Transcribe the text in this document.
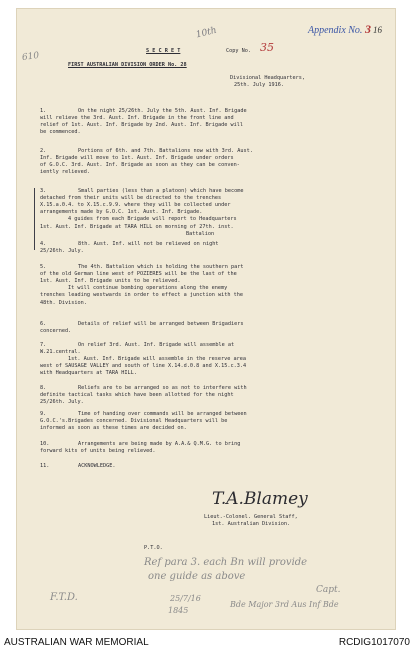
610
10th	Appendix No. 3 16
S E C R E T	Copy No. 35
FIRST AUSTRALIAN DIVISION ORDER No. 28
Divisional Headquarters,
25th. July 1916.
1.	On the night 25/26th. July the 5th. Aust. Inf. Brigade
will relieve the 3rd. Aust. Inf. Brigade in the front line and
relief of 1st. Aust. Inf. Brigade by 2nd. Aust. Inf. Brigade will
be commenced.
2.	Portions of 6th. and 7th. Battalions now with 3rd. Aust.
Inf. Brigade will move to 1st. Aust. Inf. Brigade under orders
of G.O.C. 3rd. Aust. Inf. Brigade as soon as they can be conven-
iently relieved.
3.	Small parties (less than a platoon) which have become
detached from their units will be directed to the trenches
X.15.a.0.4. to X.15.c.9.9. where they will be collected under
arrangements made by G.O.C. 1st. Aust. Inf. Brigade.
4 guides from each Brigade will report to Headquarters
1st. Aust. Inf. Brigade at TARA HILL on morning of 27th. inst.
Battalion
4.	8th. Aust. Inf. will not be relieved on night
25/26th. July.
5.	The 4th. Battalion which is holding the southern part
of the old German line west of POZIERES will be the last of the
1st. Aust. Inf. Brigade units to be relieved.
It will continue bombing operations along the enemy
trenches leading westwards in order to effect a junction with the
48th. Division.
6.	Details of relief will be arranged between Brigadiers
concerned.
7.	On relief 3rd. Aust. Inf. Brigade will assemble at
W.21.central.
1st. Aust. Inf. Brigade will assemble in the reserve area
west of SAUSAGE VALLEY and south of line X.14.d.0.8 and X.15.c.3.4
with Headquarters at TARA HILL.
8.	Reliefs are to be arranged so as not to interfere with
definite tactical tasks which have been allotted for the night
25/26th. July.
9.	Time of handing over commands will be arranged between
G.O.C.'s.Brigades concerned. Divisional Headquarters will be
informed as soon as these times are decided on.
10.	Arrangements are being made by A.A.& Q.M.G. to bring
forward kits of units being relieved.
11.	ACKNOWLEDGE.
T.A.Blamey
Lieut.-Colonel. General Staff,
1st. Australian Division.
P.T.O.
Ref para 3. each Bn will provide
one guide as above
Capt.
Bde Major 3rd Aus Inf Bde
F.T.D.	25/7/16
1845
AUSTRALIAN WAR MEMORIAL	RCDIG1017070
